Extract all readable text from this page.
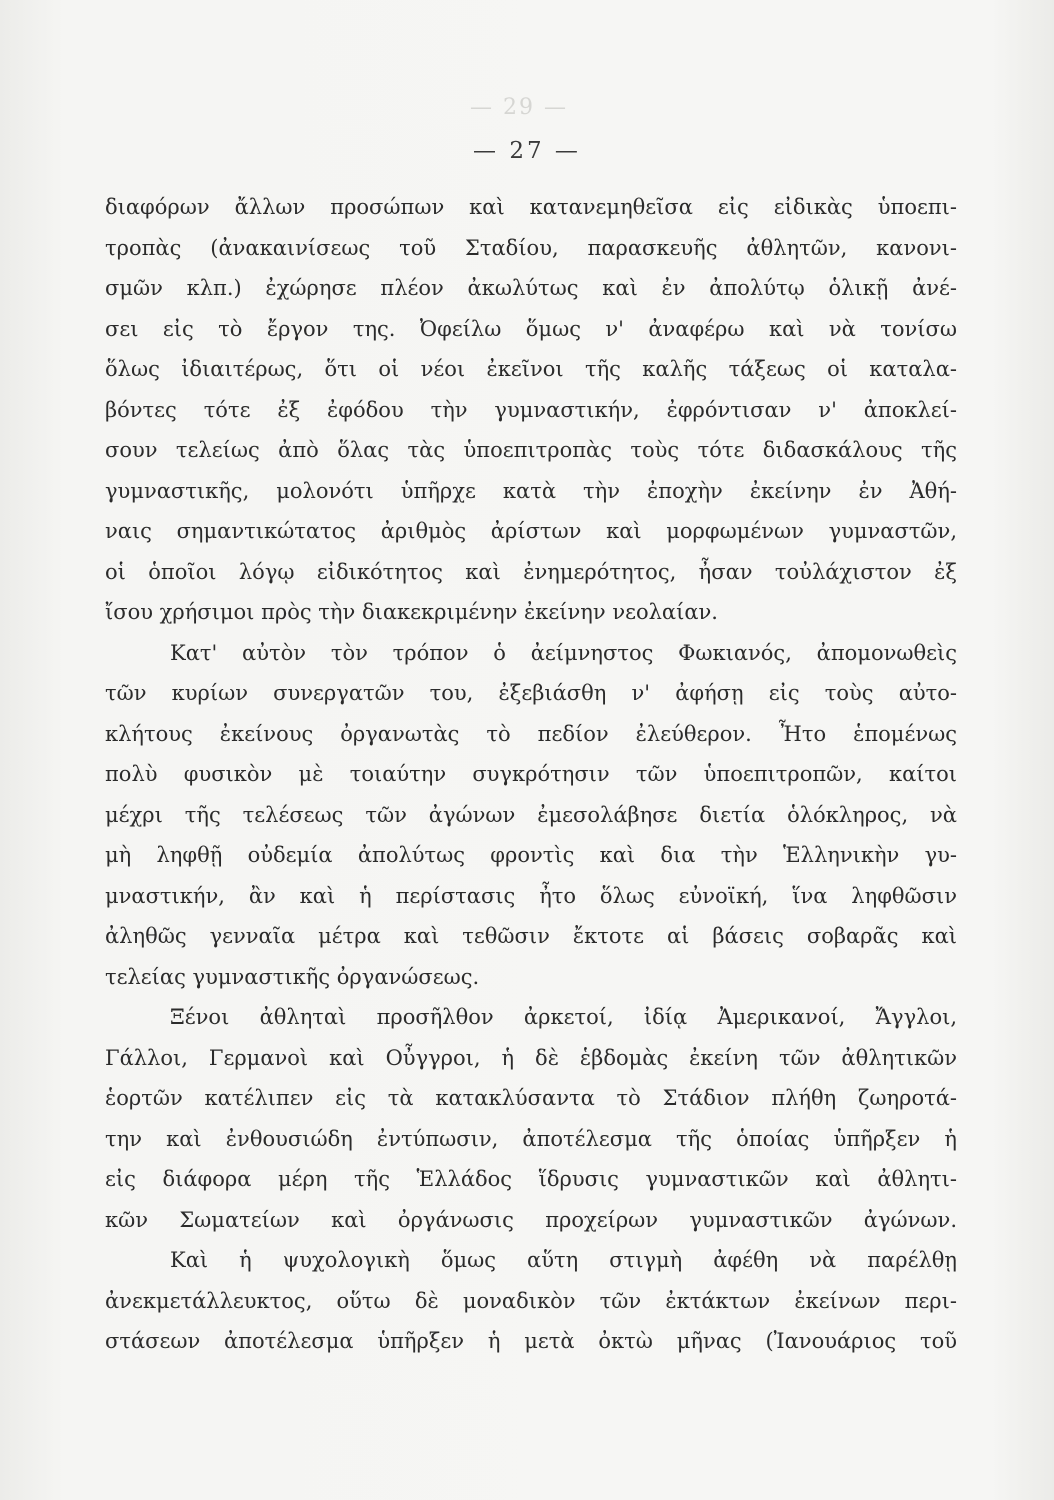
— 29 —
— 27 —
διαφόρων ἄλλων προσώπων καὶ κατανεμηθεῖσα εἰς εἰδικὰς ὑποεπι-
τροπὰς (ἀνακαινίσεως τοῦ Σταδίου, παρασκευῆς ἀθλητῶν, κανονι-
σμῶν κλπ.) ἐχώρησε πλέον ἀκωλύτως καὶ ἐν ἀπολύτῳ ὁλικῇ ἀνέ-
σει εἰς τὸ ἔργον της. Ὀφείλω ὅμως ν' ἀναφέρω καὶ νὰ τονίσω
ὅλως ἰδιαιτέρως, ὅτι οἱ νέοι ἐκεῖνοι τῆς καλῆς τάξεως οἱ καταλα-
βόντες τότε ἐξ ἐφόδου τὴν γυμναστικήν, ἐφρόντισαν ν' ἀποκλεί-
σουν τελείως ἀπὸ ὅλας τὰς ὑποεπιτροπὰς τοὺς τότε διδασκάλους τῆς
γυμναστικῆς, μολονότι ὑπῆρχε κατὰ τὴν ἐποχὴν ἐκείνην ἐν Ἀθή-
ναις σημαντικώτατος ἀριθμὸς ἀρίστων καὶ μορφωμένων γυμναστῶν,
οἱ ὁποῖοι λόγῳ εἰδικότητος καὶ ἐνημερότητος, ἦσαν τοὐλάχιστον ἐξ
ἴσου χρήσιμοι πρὸς τὴν διακεκριμένην ἐκείνην νεολαίαν.
Κατ' αὐτὸν τὸν τρόπον ὁ ἀείμνηστος Φωκιανός, ἀπομονωθεὶς
τῶν κυρίων συνεργατῶν του, ἐξεβιάσθη ν' ἀφήσῃ εἰς τοὺς αὐτο-
κλήτους ἐκείνους ὀργανωτὰς τὸ πεδίον ἐλεύθερον. Ἦτο ἑπομένως
πολὺ φυσικὸν μὲ τοιαύτην συγκρότησιν τῶν ὑποεπιτροπῶν, καίτοι
μέχρι τῆς τελέσεως τῶν ἀγώνων ἐμεσολάβησε διετία ὁλόκληρος, νὰ
μὴ ληφθῇ οὐδεμία ἀπολύτως φροντὶς καὶ δια τὴν Ἑλληνικὴν γυ-
μναστικήν, ἂν καὶ ἡ περίστασις ἦτο ὅλως εὐνοϊκή, ἵνα ληφθῶσιν
ἀληθῶς γενναῖα μέτρα καὶ τεθῶσιν ἔκτοτε αἱ βάσεις σοβαρᾶς καὶ
τελείας γυμναστικῆς ὀργανώσεως.
Ξένοι ἀθληταὶ προσῆλθον ἀρκετοί, ἰδίᾳ Ἀμερικανοί, Ἄγγλοι,
Γάλλοι, Γερμανοὶ καὶ Οὖγγροι, ἡ δὲ ἑβδομὰς ἐκείνη τῶν ἀθλητικῶν
ἑορτῶν κατέλιπεν εἰς τὰ κατακλύσαντα τὸ Στάδιον πλήθη ζωηροτά-
την καὶ ἐνθουσιώδη ἐντύπωσιν, ἀποτέλεσμα τῆς ὁποίας ὑπῆρξεν ἡ
εἰς διάφορα μέρη τῆς Ἑλλάδος ἵδρυσις γυμναστικῶν καὶ ἀθλητι-
κῶν Σωματείων καὶ ὀργάνωσις προχείρων γυμναστικῶν ἀγώνων.
Καὶ ἡ ψυχολογικὴ ὅμως αὕτη στιγμὴ ἀφέθη νὰ παρέλθῃ
ἀνεκμετάλλευκτος, οὕτω δὲ μοναδικὸν τῶν ἐκτάκτων ἐκείνων περι-
στάσεων ἀποτέλεσμα ὑπῆρξεν ἡ μετὰ ὀκτὼ μῆνας (Ἰανουάριος τοῦ
